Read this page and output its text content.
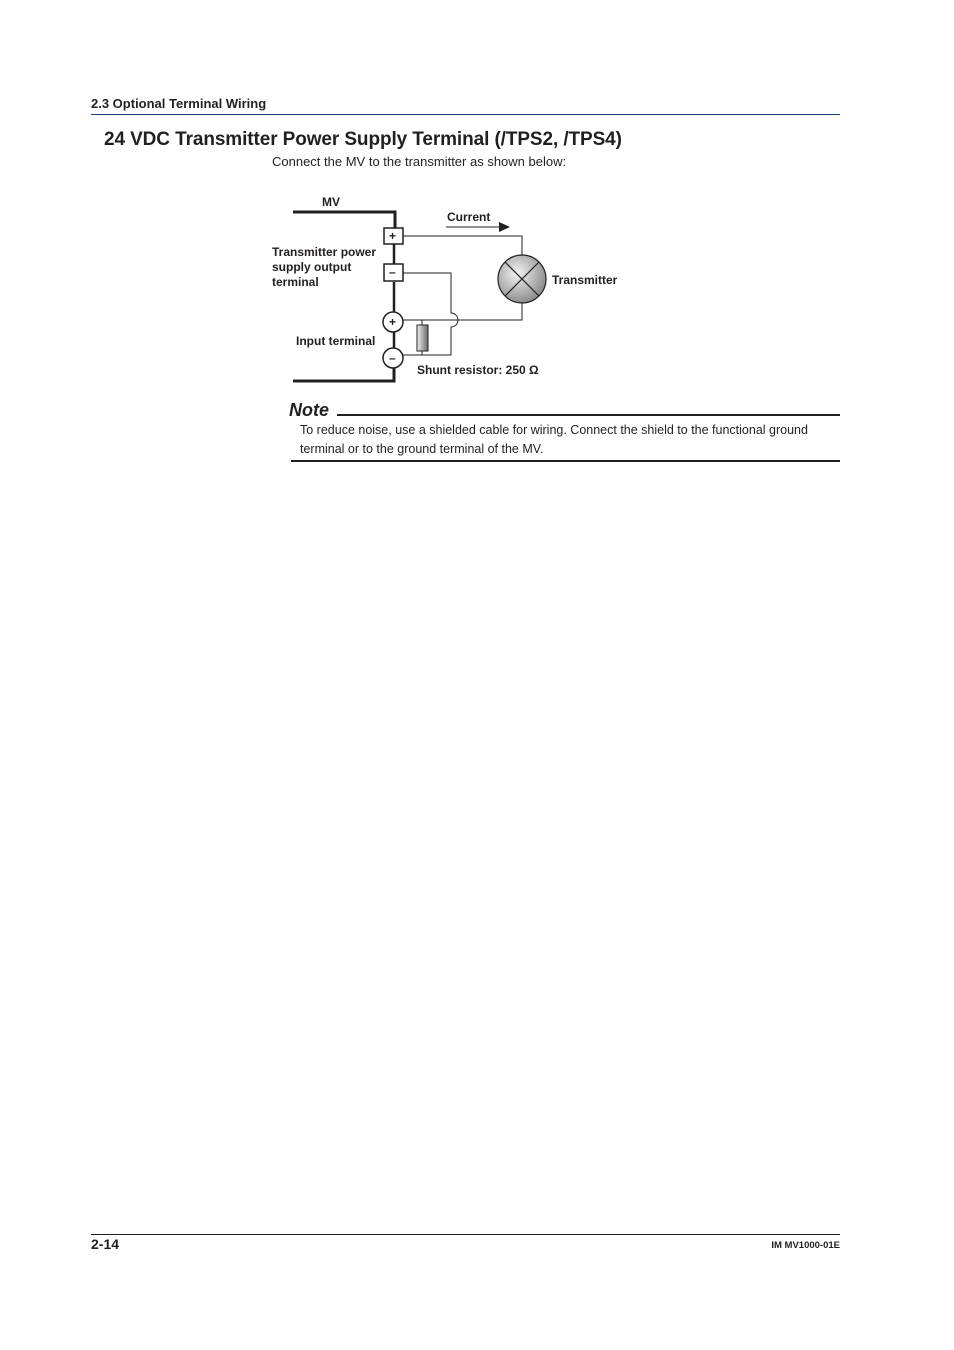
2.3 Optional Terminal Wiring
24 VDC Transmitter Power Supply Terminal (/TPS2, /TPS4)
Connect the MV to the transmitter as shown below:
+
–
+
–
MV
Current
Transmitter power
supply output
terminal	Transmitter
Input terminal
Shunt resistor: 250 Ω
Note
To reduce noise, use a shielded cable for wiring. Connect the shield to the functional ground terminal or to the ground terminal of the MV.
2-14	IM MV1000-01E
